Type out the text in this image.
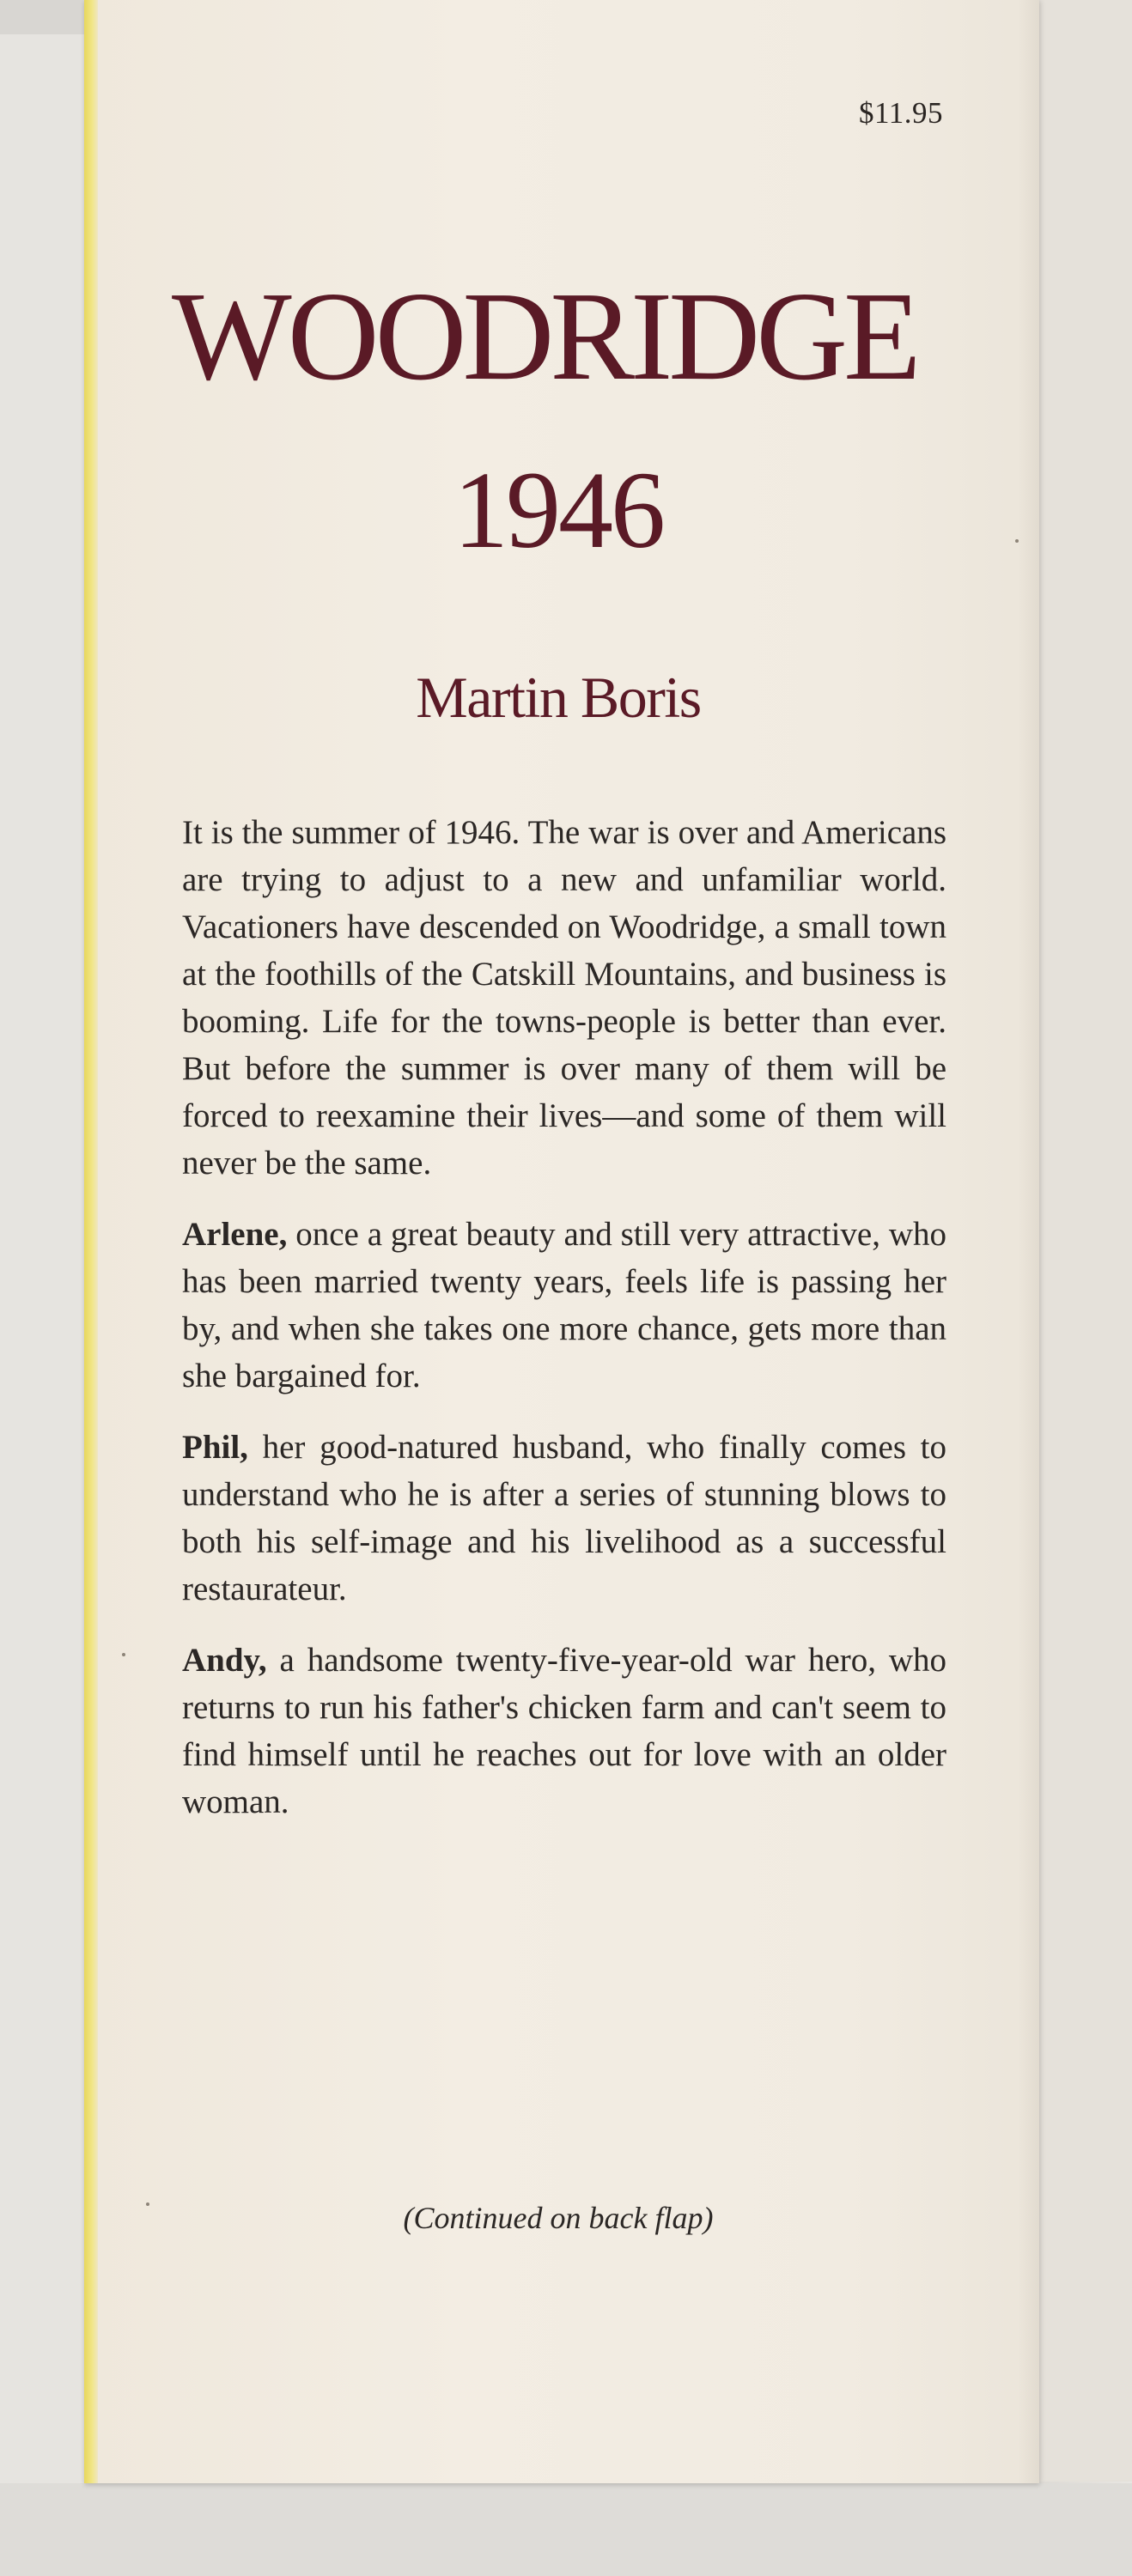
$11.95
WOODRIDGE
1946
Martin Boris

It is the summer of 1946. The war is over and Americans are trying to adjust to a new and unfamiliar world. Vacationers have descended on Woodridge, a small town at the foothills of the Catskill Mountains, and business is booming. Life for the towns-people is better than ever. But before the summer is over many of them will be forced to reexamine their lives—and some of them will never be the same.

Arlene, once a great beauty and still very attractive, who has been married twenty years, feels life is passing her by, and when she takes one more chance, gets more than she bargained for.

Phil, her good-natured husband, who finally comes to understand who he is after a series of stunning blows to both his self-image and his livelihood as a successful restaurateur.

Andy, a handsome twenty-five-year-old war hero, who returns to run his father's chicken farm and can't seem to find himself until he reaches out for love with an older woman.

(Continued on back flap)
